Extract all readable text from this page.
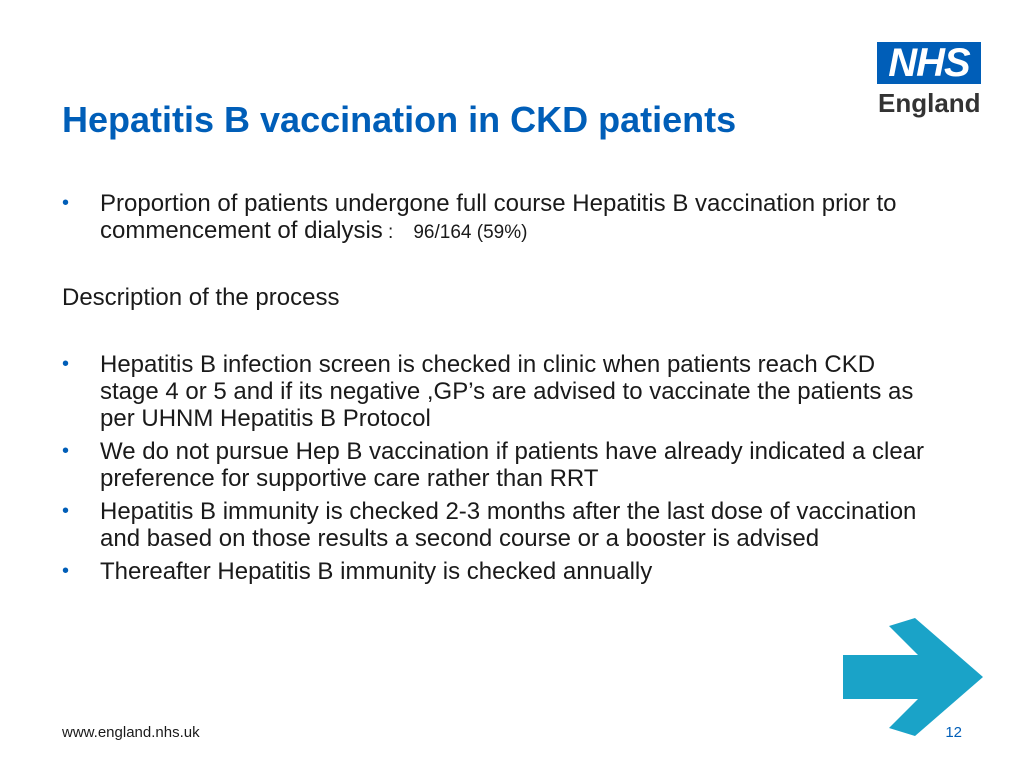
NHS
England
Hepatitis B vaccination in CKD patients
• Proportion of patients undergone full course Hepatitis B vaccination prior to commencement of dialysis : 96/164 (59%)
Description of the process
• Hepatitis B infection screen is checked in clinic when patients reach CKD stage 4 or 5 and if its negative ,GP’s are advised to vaccinate the patients as per UHNM Hepatitis B Protocol
• We do not pursue Hep B vaccination if patients have already indicated a clear preference for supportive care rather than RRT
• Hepatitis B immunity is checked 2-3 months after the last dose of vaccination and based on those results a second course or a booster is advised
• Thereafter Hepatitis B immunity is checked annually
www.england.nhs.uk	12
